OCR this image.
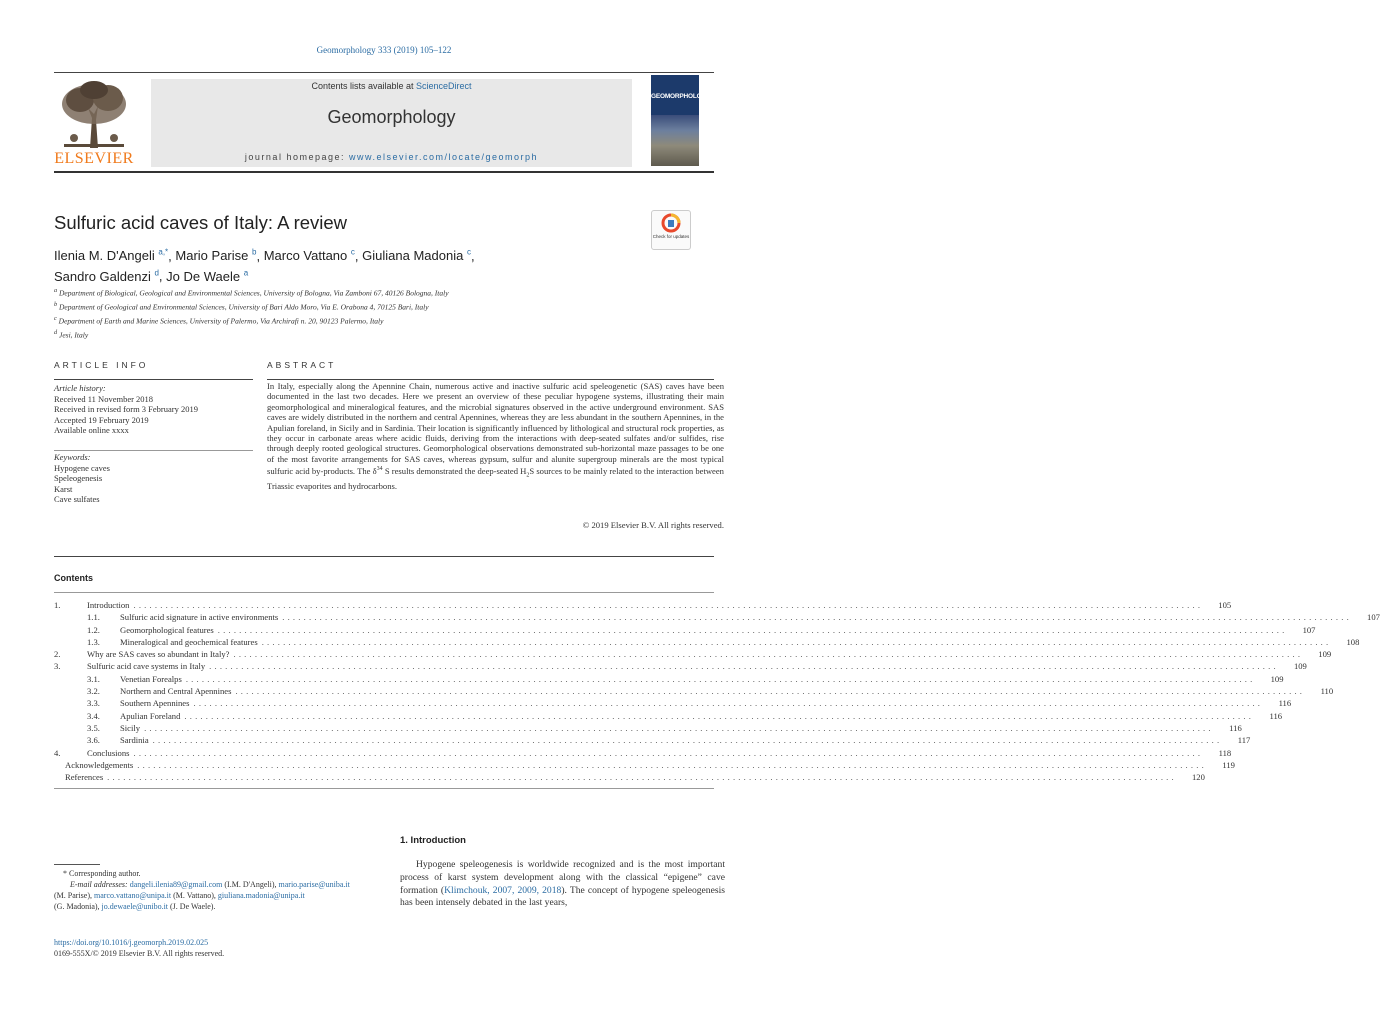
Geomorphology 333 (2019) 105–122
ELSEVIER
Contents lists available at ScienceDirect
Geomorphology
journal homepage: www.elsevier.com/locate/geomorph
GEOMORPHOLOGY
Sulfuric acid caves of Italy: A review
Check for updates
Ilenia M. D'Angeli $^{a,*}$, Mario Parise $^b$, Marco Vattano $^c$, Giuliana Madonia $^c$,
Sandro Galdenzi $^d$, Jo De Waele $^a$
$^a$ Department of Biological, Geological and Environmental Sciences, University of Bologna, Via Zamboni 67, 40126 Bologna, Italy
$^b$ Department of Geological and Environmental Sciences, University of Bari Aldo Moro, Via E. Orabona 4, 70125 Bari, Italy
$^c$ Department of Earth and Marine Sciences, University of Palermo, Via Archirafi n. 20, 90123 Palermo, Italy
$^d$ Jesi, Italy
ARTICLE INFO	ABSTRACT
Article history:
Received 11 November 2018
Received in revised form 3 February 2019
Accepted 19 February 2019
Available online xxxx
Keywords:
Hypogene caves
Speleogenesis
Karst
Cave sulfates
In Italy, especially along the Apennine Chain, numerous active and inactive sulfuric acid speleogenetic (SAS) caves have been documented in the last two decades. Here we present an overview of these peculiar hypogene systems, illustrating their main geomorphological and mineralogical features, and the microbial signatures observed in the active underground environment. SAS caves are widely distributed in the northern and central Apennines, whereas they are less abundant in the southern Apennines, in the Apulian foreland, in Sicily and in Sardinia. Their location is significantly influenced by lithological and structural rock properties, as they occur in carbonate areas where acidic fluids, deriving from the interactions with deep-seated sulfates and/or sulfides, rise through deeply rooted geological structures. Geomorphological observations demonstrated sub-horizontal maze passages to be one of the most favorite arrangements for SAS caves, whereas gypsum, sulfur and alunite supergroup minerals are the most typical sulfuric acid by-products. The $\delta^{34}$ S results demonstrated the deep-seated $H_2S$ sources to be mainly related to the interaction between Triassic evaporites and hydrocarbons.
© 2019 Elsevier B.V. All rights reserved.
Contents
1.	Introduction ........................................................................................................................................................................................................	105
1.1.	Sulfuric acid signature in active environments ........................................................................................................................................................................................................	107
1.2.	Geomorphological features ........................................................................................................................................................................................................	107
1.3.	Mineralogical and geochemical features ........................................................................................................................................................................................................	108
2.	Why are SAS caves so abundant in Italy? ........................................................................................................................................................................................................	109
3.	Sulfuric acid cave systems in Italy ........................................................................................................................................................................................................	109
3.1.	Venetian Forealps ........................................................................................................................................................................................................	109
3.2.	Northern and Central Apennines ........................................................................................................................................................................................................	110
3.3.	Southern Apennines ........................................................................................................................................................................................................	116
3.4.	Apulian Foreland ........................................................................................................................................................................................................	116
3.5.	Sicily ........................................................................................................................................................................................................	116
3.6.	Sardinia ........................................................................................................................................................................................................	117
4.	Conclusions ........................................................................................................................................................................................................	118
Acknowledgements ........................................................................................................................................................................................................	119
References ........................................................................................................................................................................................................	120
1. Introduction
Hypogene speleogenesis is worldwide recognized and is the most important process of karst system development along with the classical “epigene” cave formation (Klimchouk, 2007, 2009, 2018). The concept of hypogene speleogenesis has been intensely debated in the last years,
* Corresponding author.
E-mail addresses: dangeli.ilenia89@gmail.com (I.M. D'Angeli), mario.parise@uniba.it
(M. Parise), marco.vattano@unipa.it (M. Vattano), giuliana.madonia@unipa.it
(G. Madonia), jo.dewaele@unibo.it (J. De Waele).
https://doi.org/10.1016/j.geomorph.2019.02.025
0169-555X/© 2019 Elsevier B.V. All rights reserved.
